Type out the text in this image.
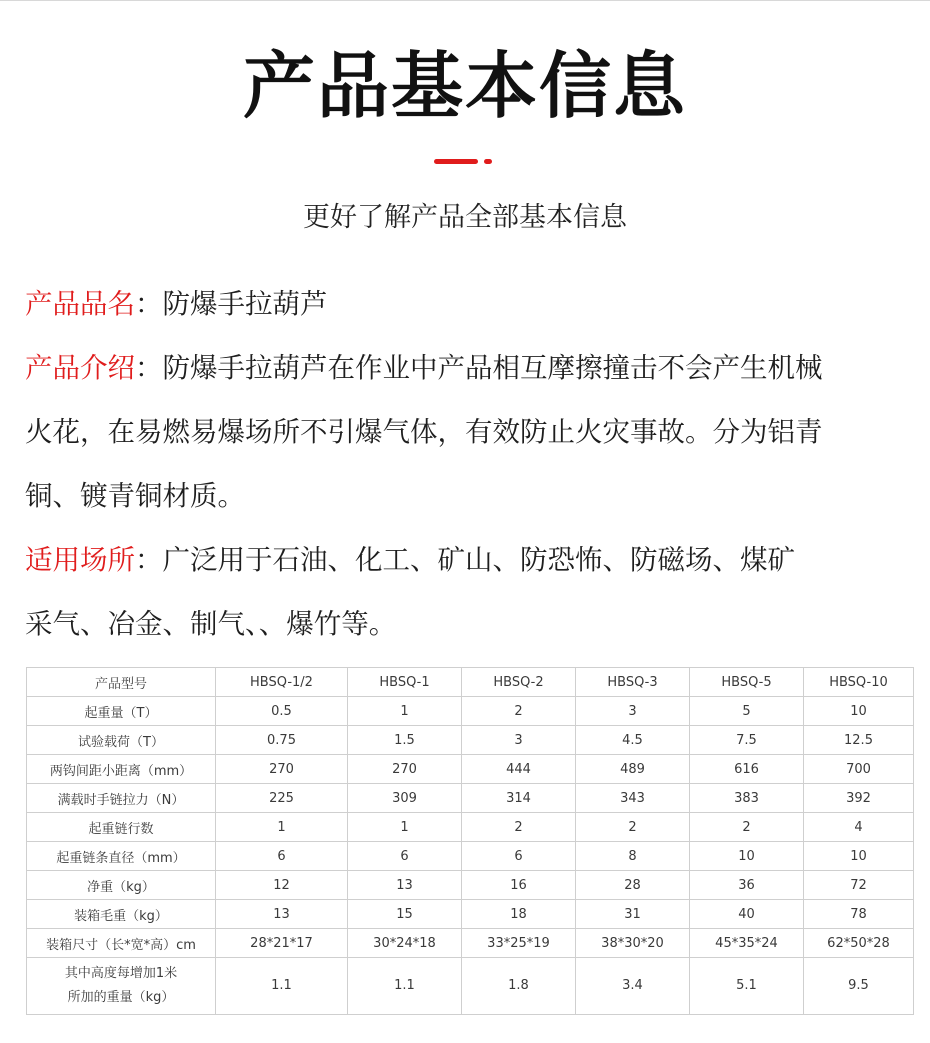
产品基本信息
更好了解产品全部基本信息

产品品名：防爆手拉葫芦

产品介绍：防爆手拉葫芦在作业中产品相互摩擦撞击不会产生机械

火花，在易燃易爆场所不引爆气体，有效防止火灾事故。分为铝青

铜、镀青铜材质。

适用场所：广泛用于石油、化工、矿山、防恐怖、防磁场、煤矿

采气、冶金、制气、、爆竹等。

产品型号	HBSQ-1/2	HBSQ-1	HBSQ-2	HBSQ-3	HBSQ-5	HBSQ-10
起重量（T）	0.5	1	2	3	5	10
试验载荷（T）	0.75	1.5	3	4.5	7.5	12.5
两钩间距小距离（mm）	270	270	444	489	616	700
满载时手链拉力（N）	225	309	314	343	383	392
起重链行数	1	1	2	2	2	4
起重链条直径（mm）	6	6	6	8	10	10
净重（kg）	12	13	16	28	36	72
装箱毛重（kg）	13	15	18	31	40	78
装箱尺寸（长*宽*高）cm	28*21*17	30*24*18	33*25*19	38*30*20	45*35*24	62*50*28

其中高度每增加1米
所加的重量（kg）	1.1	1.1	1.8	3.4	5.1	9.5
